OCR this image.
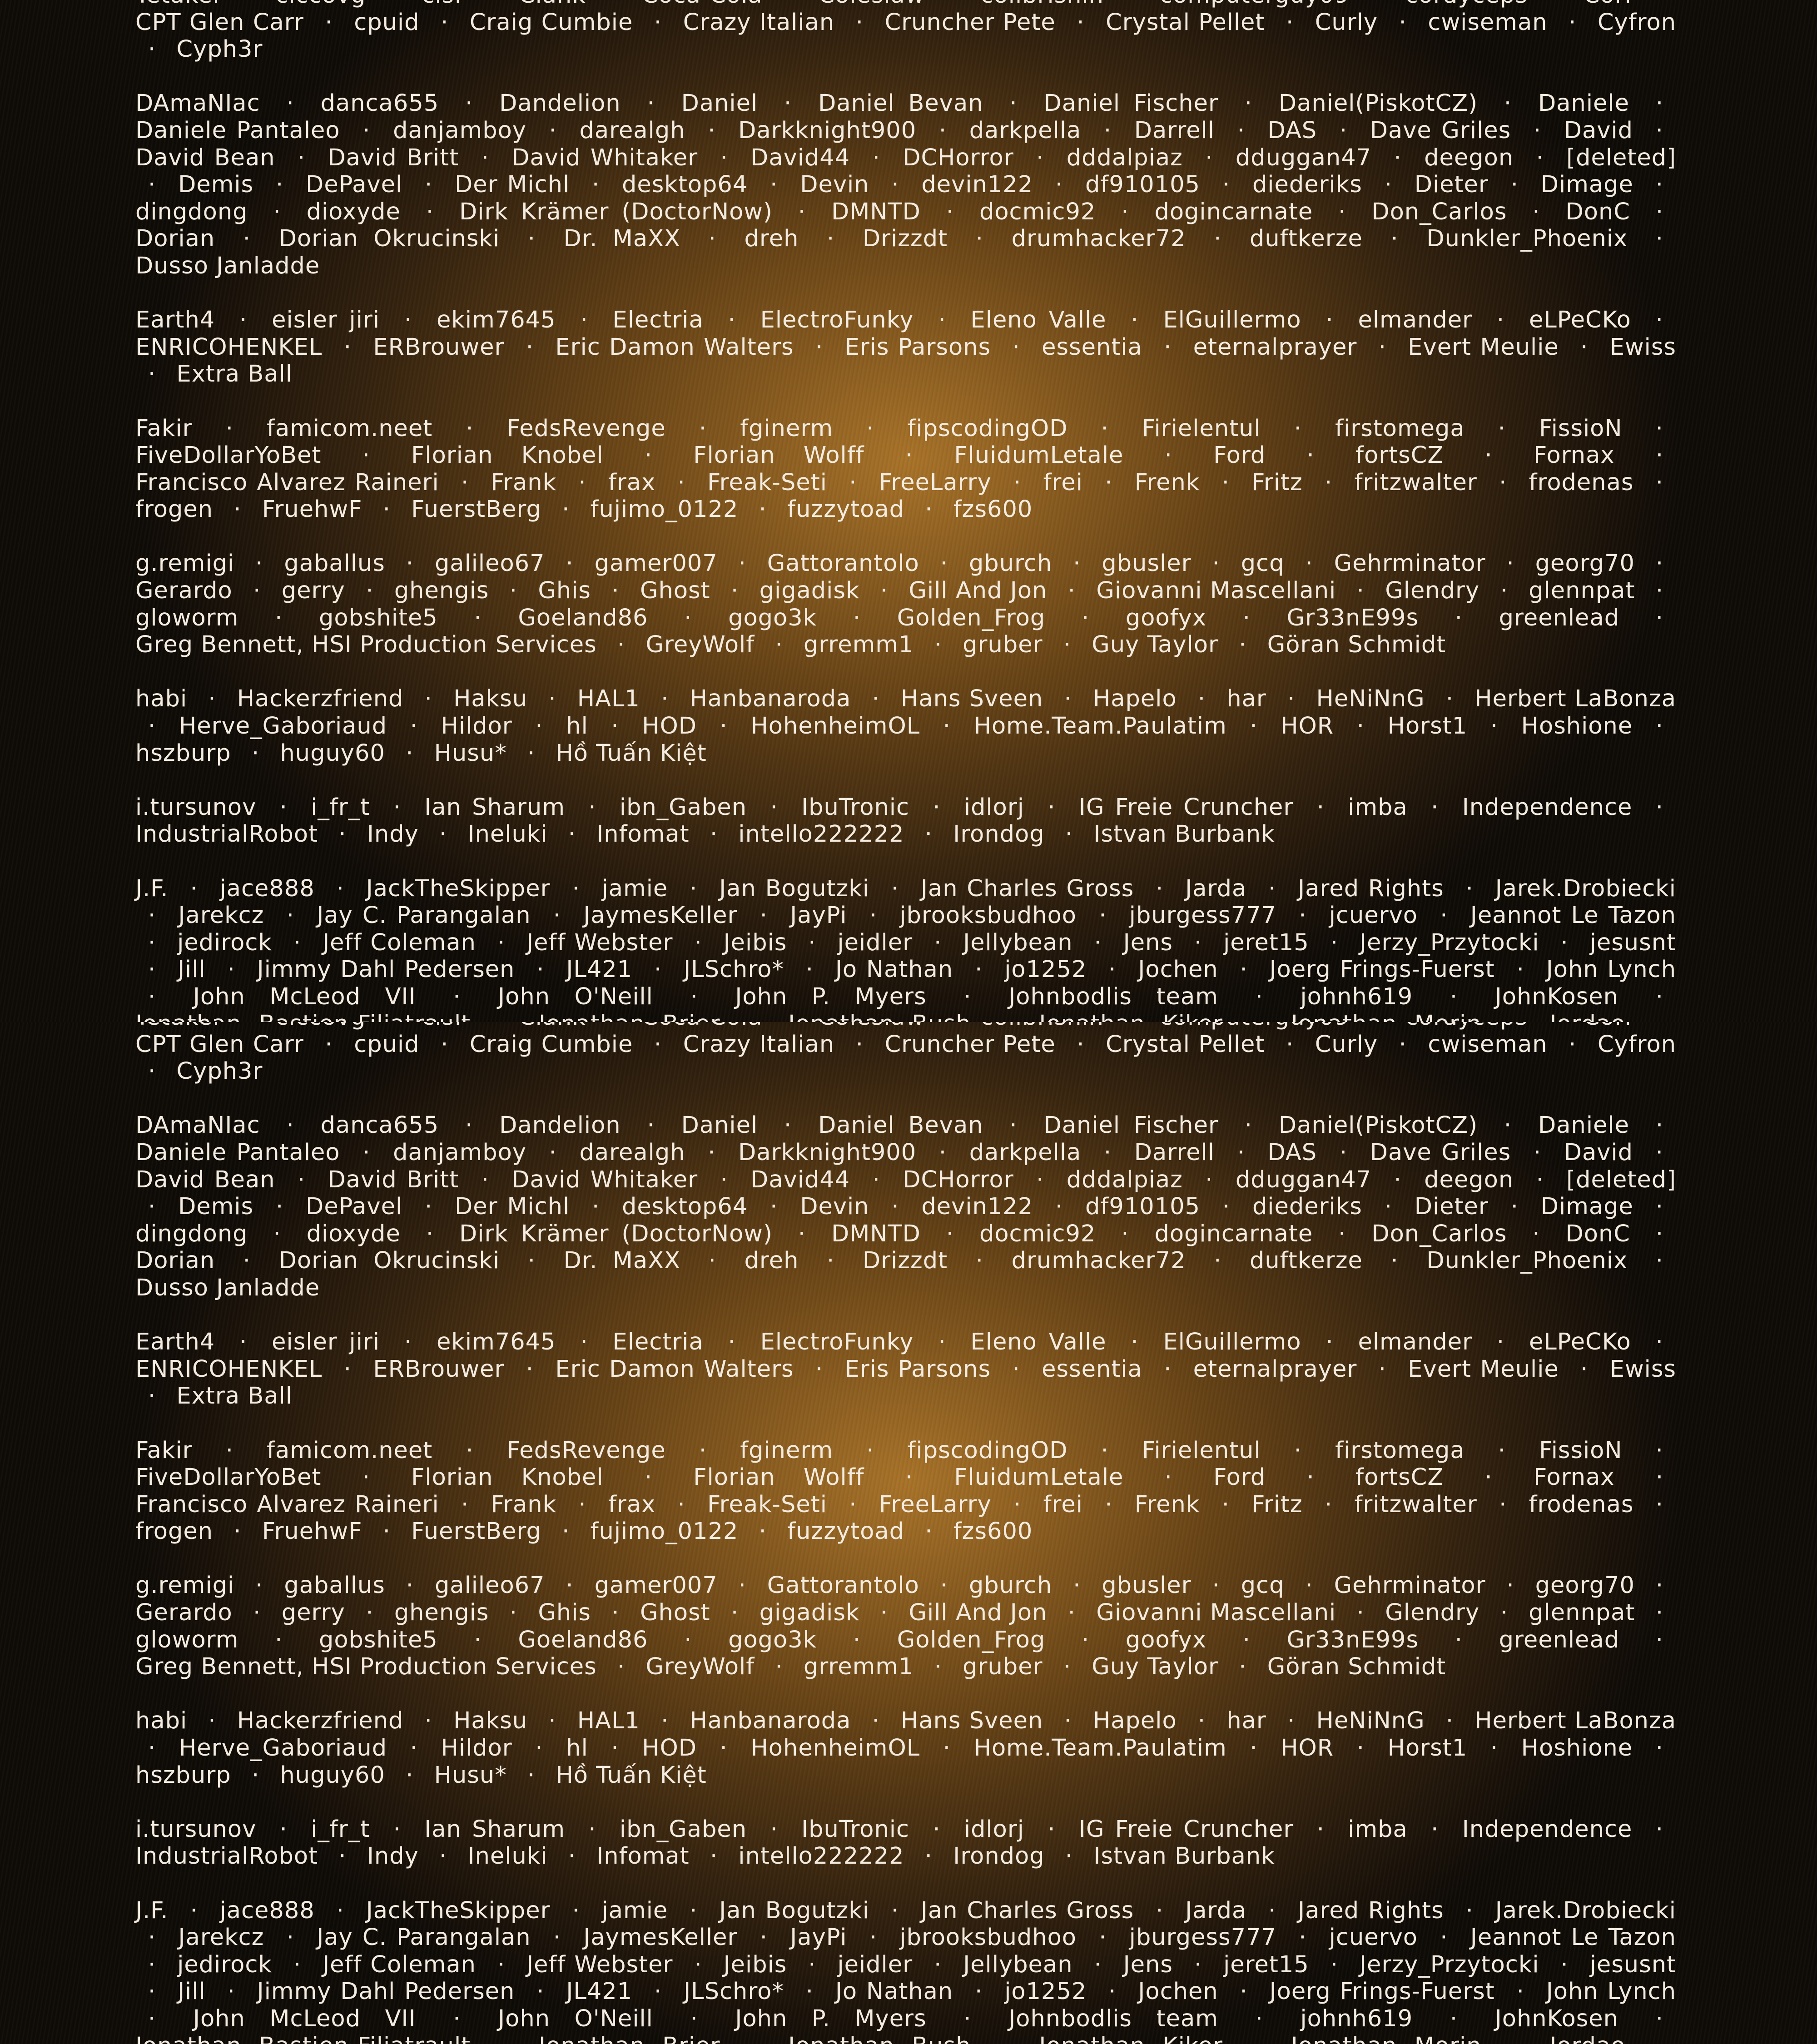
CPT Glen Carr · cpuid · Craig Cumbie · Crazy Italian · Cruncher Pete · Crystal Pellet · Curly · cwiseman · Cyfron · Cyph3r
DAmaNIac · danca655 · Dandelion · Daniel · Daniel Bevan · Daniel Fischer · Daniel(PiskotCZ) · Daniele · Daniele Pantaleo · danjamboy · darealgh · Darkknight900 · darkpella · Darrell · DAS · Dave Griles · David · David Bean · David Britt · David Whitaker · David44 · DCHorror · dddalpiaz · dduggan47 · deegon · [deleted] · Demis · DePavel · Der Michl · desktop64 · Devin · devin122 · df910105 · diederiks · Dieter · Dimage · dingdong · dioxyde · Dirk Krämer (DoctorNow) · DMNTD · docmic92 · dogincarnate · Don_Carlos · DonC · Dorian · Dorian Okrucinski · Dr. MaXX · dreh · Drizzdt · drumhacker72 · duftkerze · Dunkler_Phoenix · Dusso Janladde
Earth4 · eisler jiri · ekim7645 · Electria · ElectroFunky · Eleno Valle · ElGuillermo · elmander · eLPeCKo · ENRICOHENKEL · ERBrouwer · Eric Damon Walters · Eris Parsons · essentia · eternalprayer · Evert Meulie · Ewiss · Extra Ball
Fakir · famicom.neet · FedsRevenge · fginerm · fipscodingOD · Firielentul · firstomega · FissioN · FiveDollarYoBet · Florian Knobel · Florian Wolff · FluidumLetale · Ford · fortsCZ · Fornax · Francisco Alvarez Raineri · Frank · frax · Freak-Seti · FreeLarry · frei · Frenk · Fritz · fritzwalter · frodenas · frogen · FruehwF · FuerstBerg · fujimo_0122 · fuzzytoad · fzs600
g.remigi · gaballus · galileo67 · gamer007 · Gattorantolo · gburch · gbusler · gcq · Gehrminator · georg70 · Gerardo · gerry · ghengis · Ghis · Ghost · gigadisk · Gill And Jon · Giovanni Mascellani · Glendry · glennpat · gloworm · gobshite5 · Goeland86 · gogo3k · Golden_Frog · goofyx · Gr33nE99s · greenlead · Greg Bennett, HSI Production Services · GreyWolf · grremm1 · gruber · Guy Taylor · Göran Schmidt
habi · Hackerzfriend · Haksu · HAL1 · Hanbanaroda · Hans Sveen · Hapelo · har · HeNiNnG · Herbert LaBonza · Herve_Gaboriaud · Hildor · hl · HOD · HohenheimOL · Home.Team.Paulatim · HOR · Horst1 · Hoshione · hszburp · huguy60 · Husu* · Hồ Tuấn Kiệt
i.tursunov · i_fr_t · Ian Sharum · ibn_Gaben · IbuTronic · idlorj · IG Freie Cruncher · imba · Independence · IndustrialRobot · Indy · Ineluki · Infomat · intello222222 · Irondog · Istvan Burbank
J.F. · jace888 · JackTheSkipper · jamie · Jan Bogutzki · Jan Charles Gross · Jarda · Jared Rights · Jarek.Drobiecki · Jarekcz · Jay C. Parangalan · JaymesKeller · JayPi · jbrooksbudhoo · jburgess777 · jcuervo · Jeannot Le Tazon · jedirock · Jeff Coleman · Jeff Webster · Jeibis · jeidler · Jellybean · Jens · jeret15 · Jerzy_Przytocki · jesusnt · Jill · Jimmy Dahl Pedersen · JL421 · JLSchro* · Jo Nathan · jo1252 · Jochen · Joerg Frings-Fuerst · John Lynch · John McLeod VII · John O'Neill · John P. Myers · Johnbodlis team · johnh619 · JohnKosen ·
CPT Glen Carr · cpuid · Craig Cumbie · Crazy Italian · Cruncher Pete · Crystal Pellet · Curly · cwiseman · Cyfron · Cyph3r
DAmaNIac · danca655 · Dandelion · Daniel · Daniel Bevan · Daniel Fischer · Daniel(PiskotCZ) · Daniele · Daniele Pantaleo · danjamboy · darealgh · Darkknight900 · darkpella · Darrell · DAS · Dave Griles · David · David Bean · David Britt · David Whitaker · David44 · DCHorror · dddalpiaz · dduggan47 · deegon · [deleted] · Demis · DePavel · Der Michl · desktop64 · Devin · devin122 · df910105 · diederiks · Dieter · Dimage · dingdong · dioxyde · Dirk Krämer (DoctorNow) · DMNTD · docmic92 · dogincarnate · Don_Carlos · DonC · Dorian · Dorian Okrucinski · Dr. MaXX · dreh · Drizzdt · drumhacker72 · duftkerze · Dunkler_Phoenix · Dusso Janladde
Earth4 · eisler jiri · ekim7645 · Electria · ElectroFunky · Eleno Valle · ElGuillermo · elmander · eLPeCKo · ENRICOHENKEL · ERBrouwer · Eric Damon Walters · Eris Parsons · essentia · eternalprayer · Evert Meulie · Ewiss · Extra Ball
Fakir · famicom.neet · FedsRevenge · fginerm · fipscodingOD · Firielentul · firstomega · FissioN · FiveDollarYoBet · Florian Knobel · Florian Wolff · FluidumLetale · Ford · fortsCZ · Fornax · Francisco Alvarez Raineri · Frank · frax · Freak-Seti · FreeLarry · frei · Frenk · Fritz · fritzwalter · frodenas · frogen · FruehwF · FuerstBerg · fujimo_0122 · fuzzytoad · fzs600
g.remigi · gaballus · galileo67 · gamer007 · Gattorantolo · gburch · gbusler · gcq · Gehrminator · georg70 · Gerardo · gerry · ghengis · Ghis · Ghost · gigadisk · Gill And Jon · Giovanni Mascellani · Glendry · glennpat · gloworm · gobshite5 · Goeland86 · gogo3k · Golden_Frog · goofyx · Gr33nE99s · greenlead · Greg Bennett, HSI Production Services · GreyWolf · grremm1 · gruber · Guy Taylor · Göran Schmidt
habi · Hackerzfriend · Haksu · HAL1 · Hanbanaroda · Hans Sveen · Hapelo · har · HeNiNnG · Herbert LaBonza · Herve_Gaboriaud · Hildor · hl · HOD · HohenheimOL · Home.Team.Paulatim · HOR · Horst1 · Hoshione · hszburp · huguy60 · Husu* · Hồ Tuấn Kiệt
i.tursunov · i_fr_t · Ian Sharum · ibn_Gaben · IbuTronic · idlorj · IG Freie Cruncher · imba · Independence · IndustrialRobot · Indy · Ineluki · Infomat · intello222222 · Irondog · Istvan Burbank
J.F. · jace888 · JackTheSkipper · jamie · Jan Bogutzki · Jan Charles Gross · Jarda · Jared Rights · Jarek.Drobiecki · Jarekcz · Jay C. Parangalan · JaymesKeller · JayPi · jbrooksbudhoo · jburgess777 · jcuervo · Jeannot Le Tazon · jedirock · Jeff Coleman · Jeff Webster · Jeibis · jeidler · Jellybean · Jens · jeret15 · Jerzy_Przytocki · jesusnt · Jill · Jimmy Dahl Pedersen · JL421 · JLSchro* · Jo Nathan · jo1252 · Jochen · Joerg Frings-Fuerst · John Lynch · John McLeod VII · John O'Neill · John P. Myers · Johnbodlis team · johnh619 · JohnKosen ·
